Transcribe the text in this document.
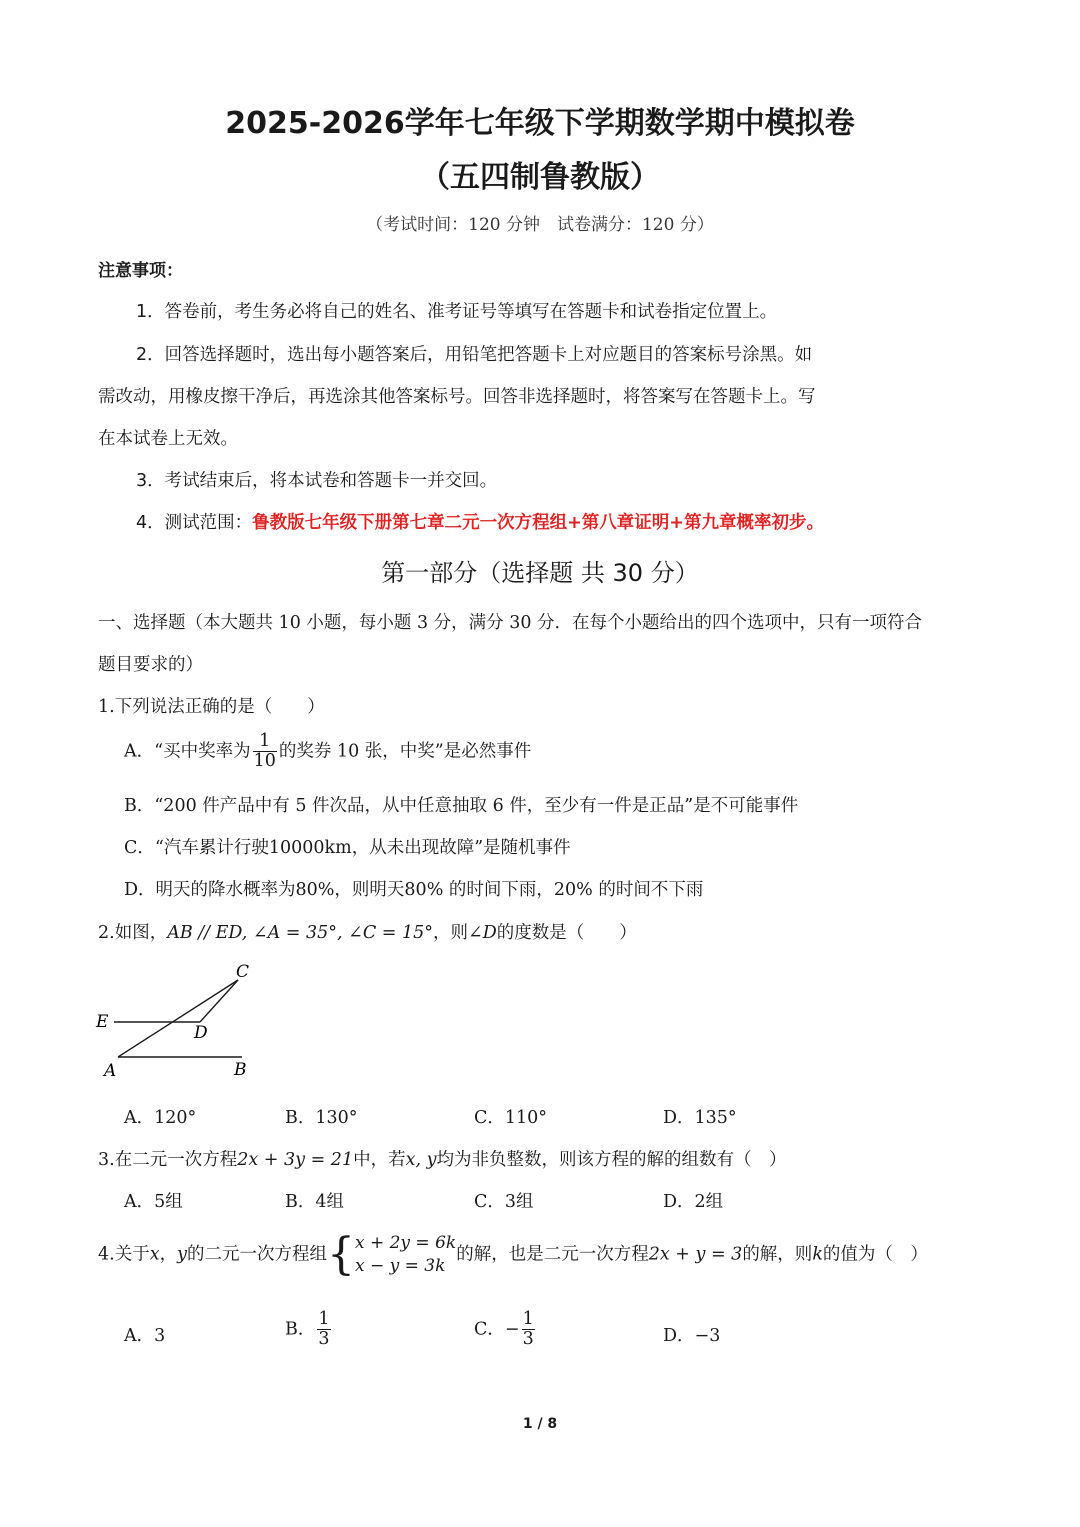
2025-2026学年七年级下学期数学期中模拟卷
（五四制鲁教版）
（考试时间：120 分钟　试卷满分：120 分）
注意事项：
1．答卷前，考生务必将自己的姓名、准考证号等填写在答题卡和试卷指定位置上。
2．回答选择题时，选出每小题答案后，用铅笔把答题卡上对应题目的答案标号涂黑。如
需改动，用橡皮擦干净后，再选涂其他答案标号。回答非选择题时，将答案写在答题卡上。写
在本试卷上无效。
3．考试结束后，将本试卷和答题卡一并交回。
4．测试范围：鲁教版七年级下册第七章二元一次方程组+第八章证明+第九章概率初步。
第一部分（选择题 共 30 分）
一、选择题（本大题共 10 小题，每小题 3 分，满分 30 分．在每个小题给出的四个选项中，只有一项符合
题目要求的）
1.下列说法正确的是（　　）
A．“买中奖率为 $\frac{1}{10}$ 的奖券 10 张，中奖”是必然事件
B．“200 件产品中有 5 件次品，从中任意抽取 6 件，至少有一件是正品”是不可能事件
C．“汽车累计行驶10000km，从未出现故障”是随机事件
D．明天的降水概率为80%，则明天80% 的时间下雨，20% 的时间不下雨
2.如图，AB // ED, ∠A = 35°, ∠C = 15°，则∠D的度数是（　　）
C
E
D
A	B
A．120°	B．130°	C．110°	D．135°
3.在二元一次方程2x + 3y = 21中，若x, y均为非负整数，则该方程的解的组数有（　）
A．5组	B．4组	C．3组	D．2组
4.关于x，y的二元一次方程组{ x + 2y = 6k
x − y = 3k
的解，也是二元一次方程2x + y = 3的解，则k的值为（　）
A．3	B． $\frac{1}{3}$	C．− $\frac{1}{3}$	D．−3
1 / 8
